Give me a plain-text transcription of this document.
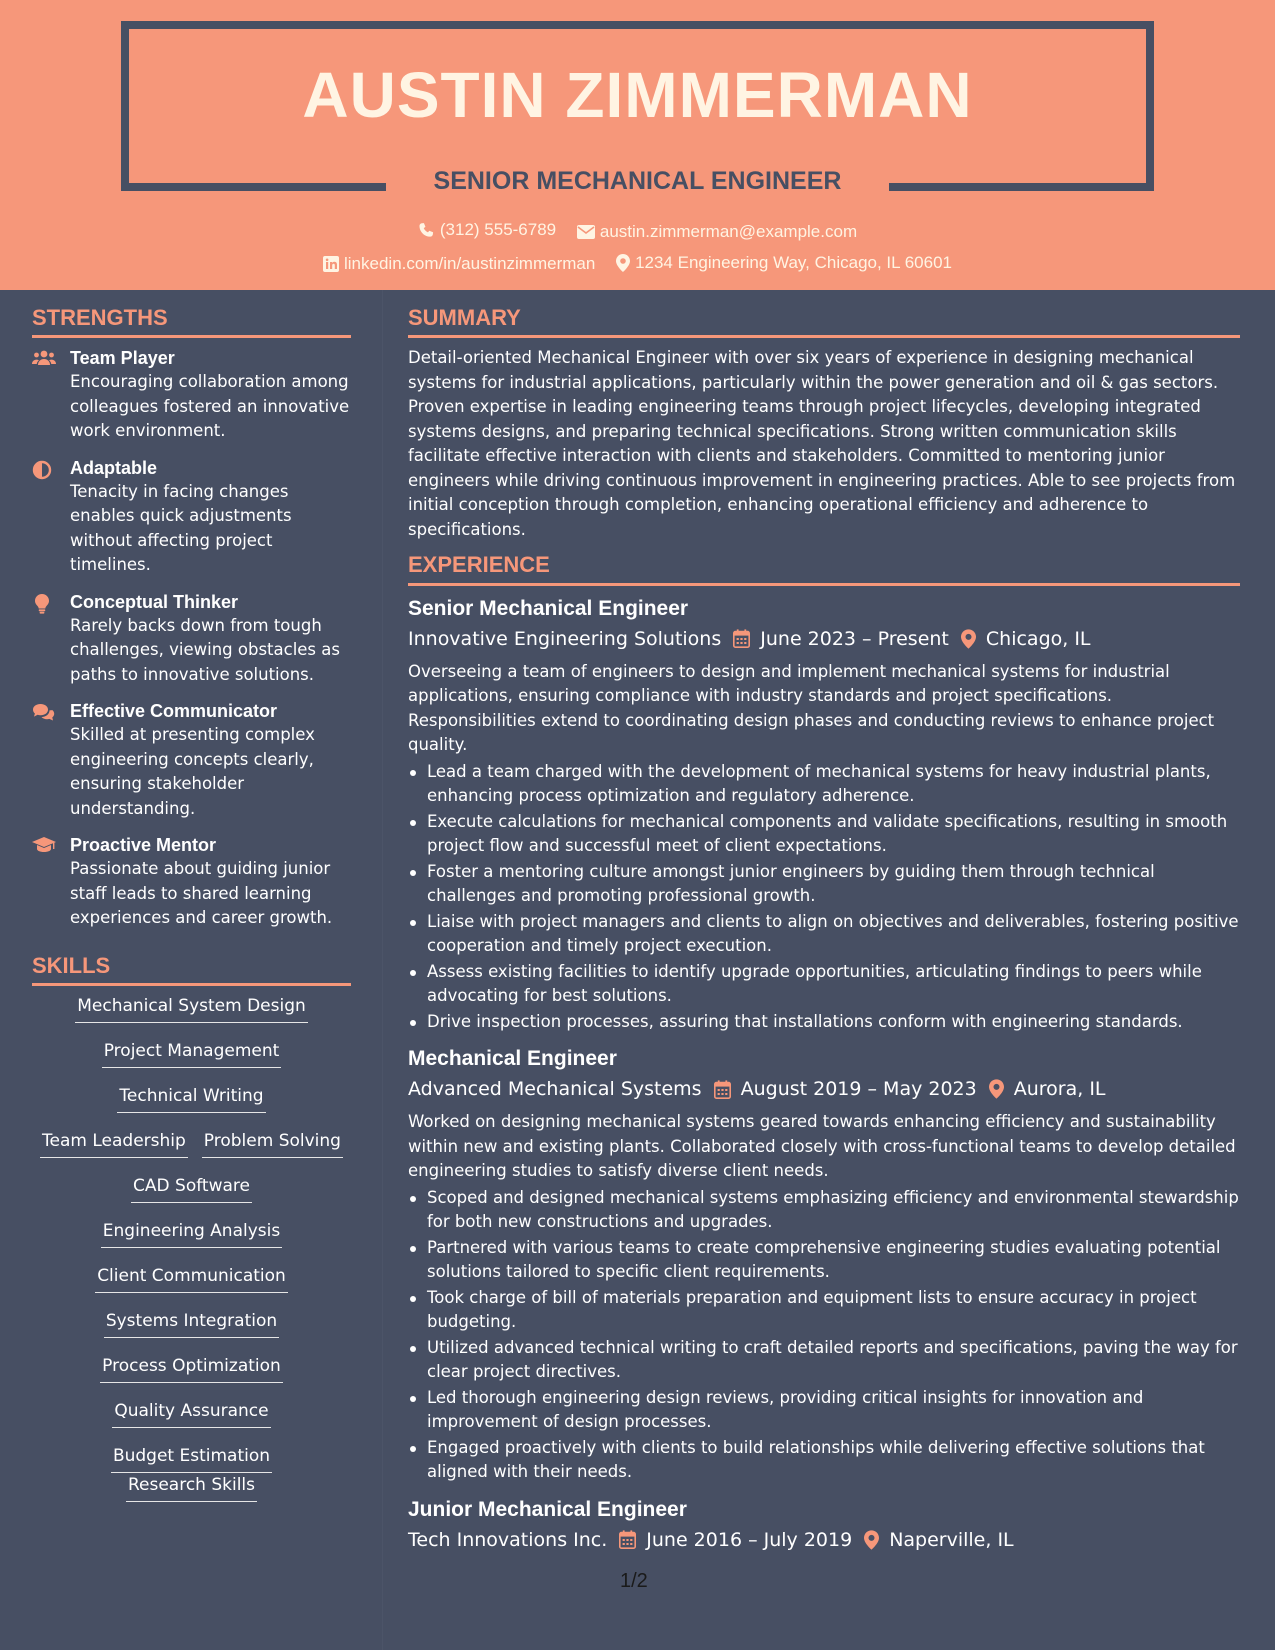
AUSTIN ZIMMERMAN
SENIOR MECHANICAL ENGINEER
(312) 555-6789
	austin.zimmerman@example.com
linkedin.com/in/austinzimmerman
1234 Engineering Way, Chicago, IL 60601
STRENGTHS
Team Player
Encouraging collaboration among colleagues fostered an innovative work environment.
Adaptable
Tenacity in facing changes enables quick adjustments without affecting project timelines.
Conceptual Thinker
Rarely backs down from tough challenges, viewing obstacles as paths to innovative solutions.
Effective Communicator
Skilled at presenting complex engineering concepts clearly, ensuring stakeholder understanding.
Proactive Mentor
Passionate about guiding junior staff leads to shared learning experiences and career growth.
SKILLS
Mechanical System Design
Project Management
Technical Writing
Team Leadership Problem Solving
CAD Software
Engineering Analysis
Client Communication
Systems Integration
Process Optimization
Quality Assurance
Budget EstimationResearch Skills
SUMMARY
Detail-oriented Mechanical Engineer with over six years of experience in designing mechanical systems for industrial applications, particularly within the power generation and oil & gas sectors. Proven expertise in leading engineering teams through project lifecycles, developing integrated systems designs, and preparing technical specifications. Strong written communication skills facilitate effective interaction with clients and stakeholders. Committed to mentoring junior engineers while driving continuous improvement in engineering practices. Able to see projects from initial conception through completion, enhancing operational efficiency and adherence to specifications.
EXPERIENCE
Senior Mechanical Engineer
Innovative Engineering Solutions June 2023 – Present Chicago, IL
Overseeing a team of engineers to design and implement mechanical systems for industrial applications, ensuring compliance with industry standards and project specifications. Responsibilities extend to coordinating design phases and conducting reviews to enhance project quality.
Lead a team charged with the development of mechanical systems for heavy industrial plants, enhancing process optimization and regulatory adherence.
Execute calculations for mechanical components and validate specifications, resulting in smooth project flow and successful meet of client expectations.
Foster a mentoring culture amongst junior engineers by guiding them through technical challenges and promoting professional growth.
Liaise with project managers and clients to align on objectives and deliverables, fostering positive cooperation and timely project execution.
Assess existing facilities to identify upgrade opportunities, articulating findings to peers while advocating for best solutions.
Drive inspection processes, assuring that installations conform with engineering standards.
Mechanical Engineer
Advanced Mechanical Systems August 2019 – May 2023 Aurora, IL
Worked on designing mechanical systems geared towards enhancing efficiency and sustainability within new and existing plants. Collaborated closely with cross-functional teams to develop detailed engineering studies to satisfy diverse client needs.
Scoped and designed mechanical systems emphasizing efficiency and environmental stewardship for both new constructions and upgrades.
Partnered with various teams to create comprehensive engineering studies evaluating potential solutions tailored to specific client requirements.
Took charge of bill of materials preparation and equipment lists to ensure accuracy in project budgeting.
Utilized advanced technical writing to craft detailed reports and specifications, paving the way for clear project directives.
Led thorough engineering design reviews, providing critical insights for innovation and improvement of design processes.
Engaged proactively with clients to build relationships while delivering effective solutions that aligned with their needs.
Junior Mechanical Engineer
Tech Innovations Inc. June 2016 – July 2019 Naperville, IL
1/2
